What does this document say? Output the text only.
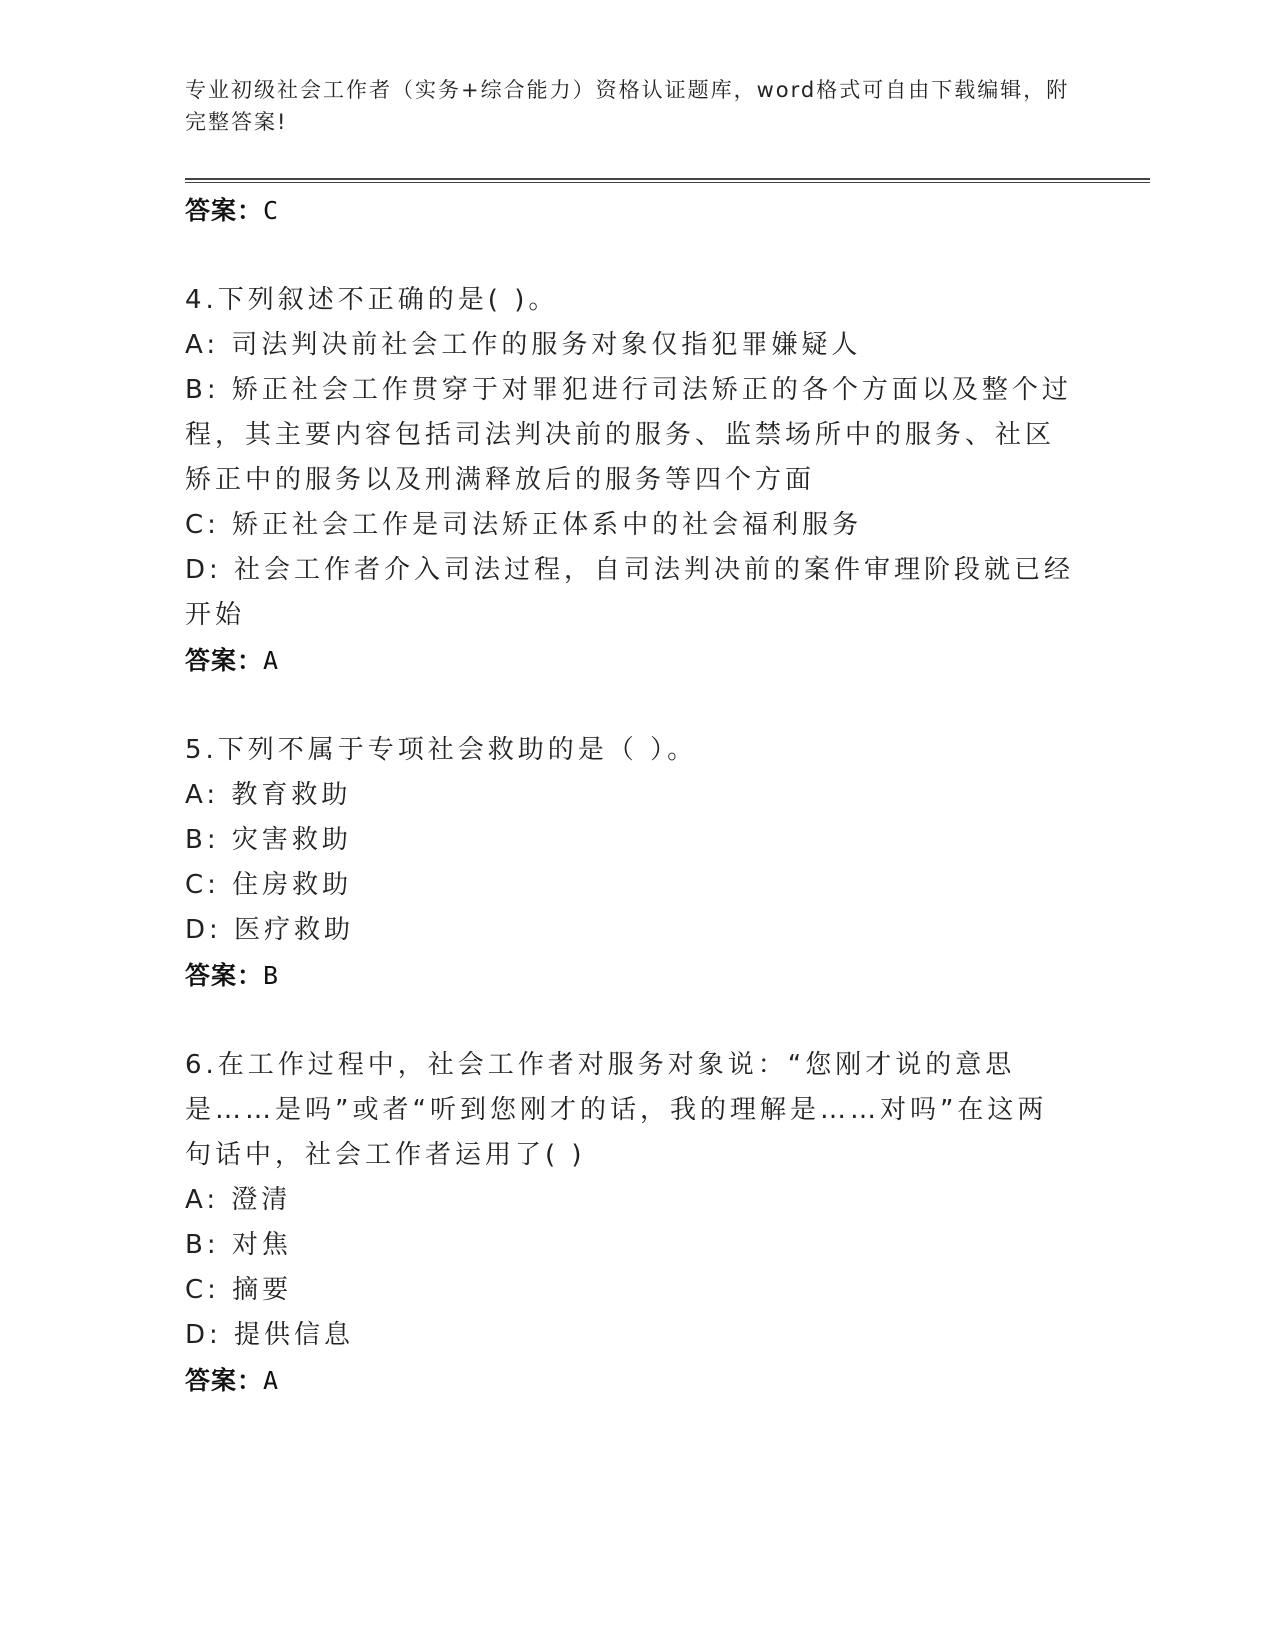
专业初级社会工作者（实务+综合能力）资格认证题库，word格式可自由下载编辑，附完整答案!
答案：C
4.下列叙述不正确的是( )。
A: 司法判决前社会工作的服务对象仅指犯罪嫌疑人
B: 矫正社会工作贯穿于对罪犯进行司法矫正的各个方面以及整个过程，其主要内容包括司法判决前的服务、监禁场所中的服务、社区矫正中的服务以及刑满释放后的服务等四个方面
C: 矫正社会工作是司法矫正体系中的社会福利服务
D: 社会工作者介入司法过程，自司法判决前的案件审理阶段就已经开始
答案：A
5.下列不属于专项社会救助的是（ ）。
A: 教育救助
B: 灾害救助
C: 住房救助
D: 医疗救助
答案：B
6.在工作过程中，社会工作者对服务对象说：“您刚才说的意思是……是吗”或者“听到您刚才的话，我的理解是……对吗”在这两句话中，社会工作者运用了( )
A: 澄清
B: 对焦
C: 摘要
D: 提供信息
答案：A
